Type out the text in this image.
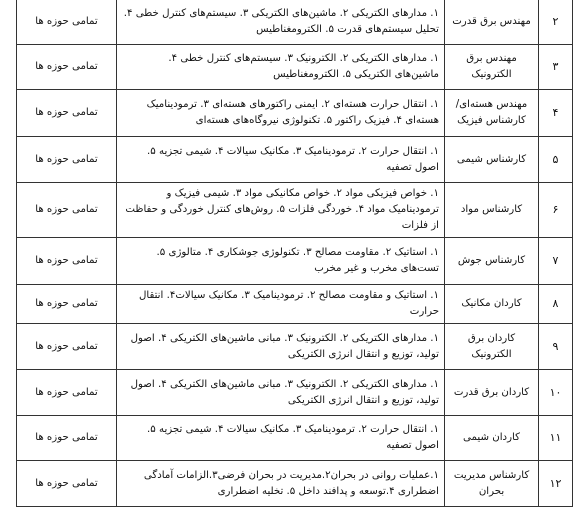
۲	مهندس برق قدرت	۱. مدارهای الکتریکی ۲. ماشین‌های الکتریکی ۳. سیستم‌های کنترل خطی ۴. تحلیل سیستم‌های قدرت ۵. الکترومغناطیس	تمامی حوزه ها
۳	مهندس برق الکترونیک	۱. مدارهای الکتریکی ۲. الکترونیک ۳. سیستم‌های کنترل خطی ۴. ماشین‌های الکتریکی ۵. الکترومغناطیس	تمامی حوزه ها
۴	مهندس هسته‌ای/ کارشناس فیزیک	۱. انتقال حرارت هسته‌ای ۲. ایمنی راکتورهای هسته‌ای ۳. ترمودینامیک هسته‌ای ۴. فیزیک راکتور ۵. تکنولوژی نیروگاه‌های هسته‌ای	تمامی حوزه ها
۵	کارشناس شیمی	۱. انتقال حرارت ۲. ترمودینامیک ۳. مکانیک سیالات ۴. شیمی تجزیه ۵. اصول تصفیه	تمامی حوزه ها
۶	کارشناس مواد	۱. خواص فیزیکی مواد ۲. خواص مکانیکی مواد ۳. شیمی فیزیک و ترمودینامیک مواد ۴. خوردگی فلزات ۵. روش‌های کنترل خوردگی و حفاظت از فلزات	تمامی حوزه ها
۷	کارشناس جوش	۱. استاتیک ۲. مقاومت مصالح ۳. تکنولوژی جوشکاری ۴. متالوژی ۵. تست‌های مخرب و غیر مخرب	تمامی حوزه ها
۸	کاردان مکانیک	۱. استاتیک و مقاومت مصالح ۲. ترمودینامیک ۳. مکانیک سیالات۴. انتقال حرارت	تمامی حوزه ها
۹	کاردان برق الکترونیک	۱. مدارهای الکتریکی ۲. الکترونیک ۳. مبانی ماشین‌های الکتریکی ۴. اصول تولید، توزیع و انتقال انرژی الکتریکی	تمامی حوزه ها
۱۰	کاردان برق قدرت	۱. مدارهای الکتریکی ۲. الکترونیک ۳. مبانی ماشین‌های الکتریکی ۴. اصول تولید، توزیع و انتقال انرژی الکتریکی	تمامی حوزه ها
۱۱	کاردان شیمی	۱. انتقال حرارت ۲. ترمودینامیک ۳. مکانیک سیالات ۴. شیمی تجزیه ۵. اصول تصفیه	تمامی حوزه ها
۱۲	کارشناس مدیریت بحران	۱.عملیات روانی در بحران۲.مدیریت در بحران فرضی۳.الزامات آمادگی اضطراری ۴.توسعه و پدافند داخل ۵. تخلیه اضطراری	تمامی حوزه ها
